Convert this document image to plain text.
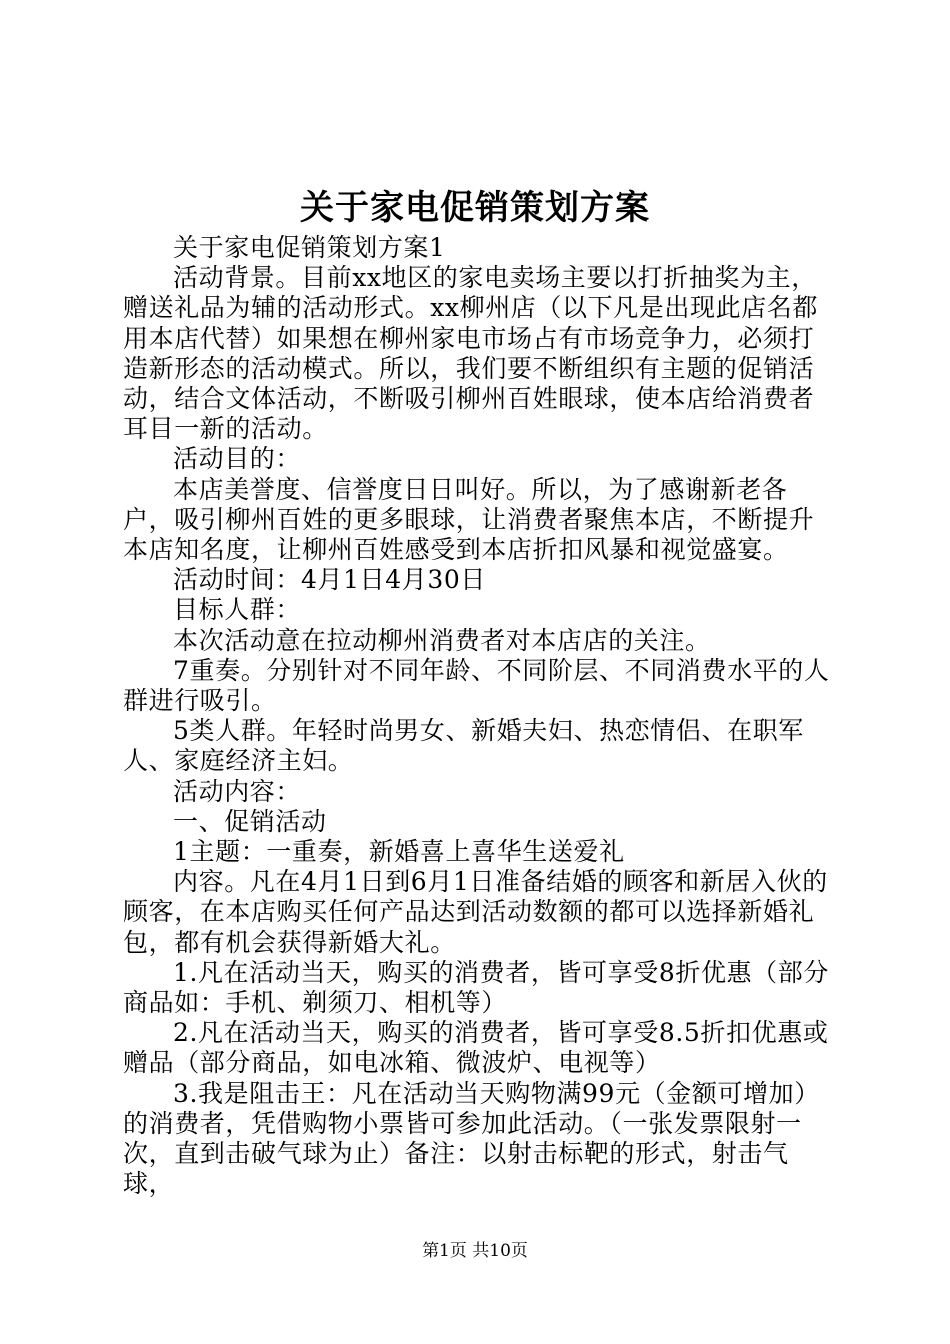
关于家电促销策划方案

关于家电促销策划方案1

活动背景。目前xx地区的家电卖场主要以打折抽奖为主，赠送礼品为辅的活动形式。xx柳州店（以下凡是出现此店名都用本店代替）如果想在柳州家电市场占有市场竞争力，必须打造新形态的活动模式。所以，我们要不断组织有主题的促销活动，结合文体活动，不断吸引柳州百姓眼球，使本店给消费者耳目一新的活动。

活动目的：

本店美誉度、信誉度日日叫好。所以，为了感谢新老各户，吸引柳州百姓的更多眼球，让消费者聚焦本店，不断提升本店知名度，让柳州百姓感受到本店折扣风暴和视觉盛宴。

活动时间：4月1日4月30日

目标人群：

本次活动意在拉动柳州消费者对本店店的关注。

7重奏。分别针对不同年龄、不同阶层、不同消费水平的人群进行吸引。

5类人群。年轻时尚男女、新婚夫妇、热恋情侣、在职军人、家庭经济主妇。

活动内容：

一、促销活动

1主题：一重奏，新婚喜上喜华生送爱礼

内容。凡在4月1日到6月1日准备结婚的顾客和新居入伙的顾客，在本店购买任何产品达到活动数额的都可以选择新婚礼包，都有机会获得新婚大礼。

1.凡在活动当天，购买的消费者，皆可享受8折优惠（部分商品如：手机、剃须刀、相机等）

2.凡在活动当天，购买的消费者，皆可享受8.5折扣优惠或赠品（部分商品，如电冰箱、微波炉、电视等）

3.我是阻击王：凡在活动当天购物满99元（金额可增加）的消费者，凭借购物小票皆可参加此活动。（一张发票限射一次，直到击破气球为止）备注：以射击标靶的形式，射击气球，

第1页 共10页
